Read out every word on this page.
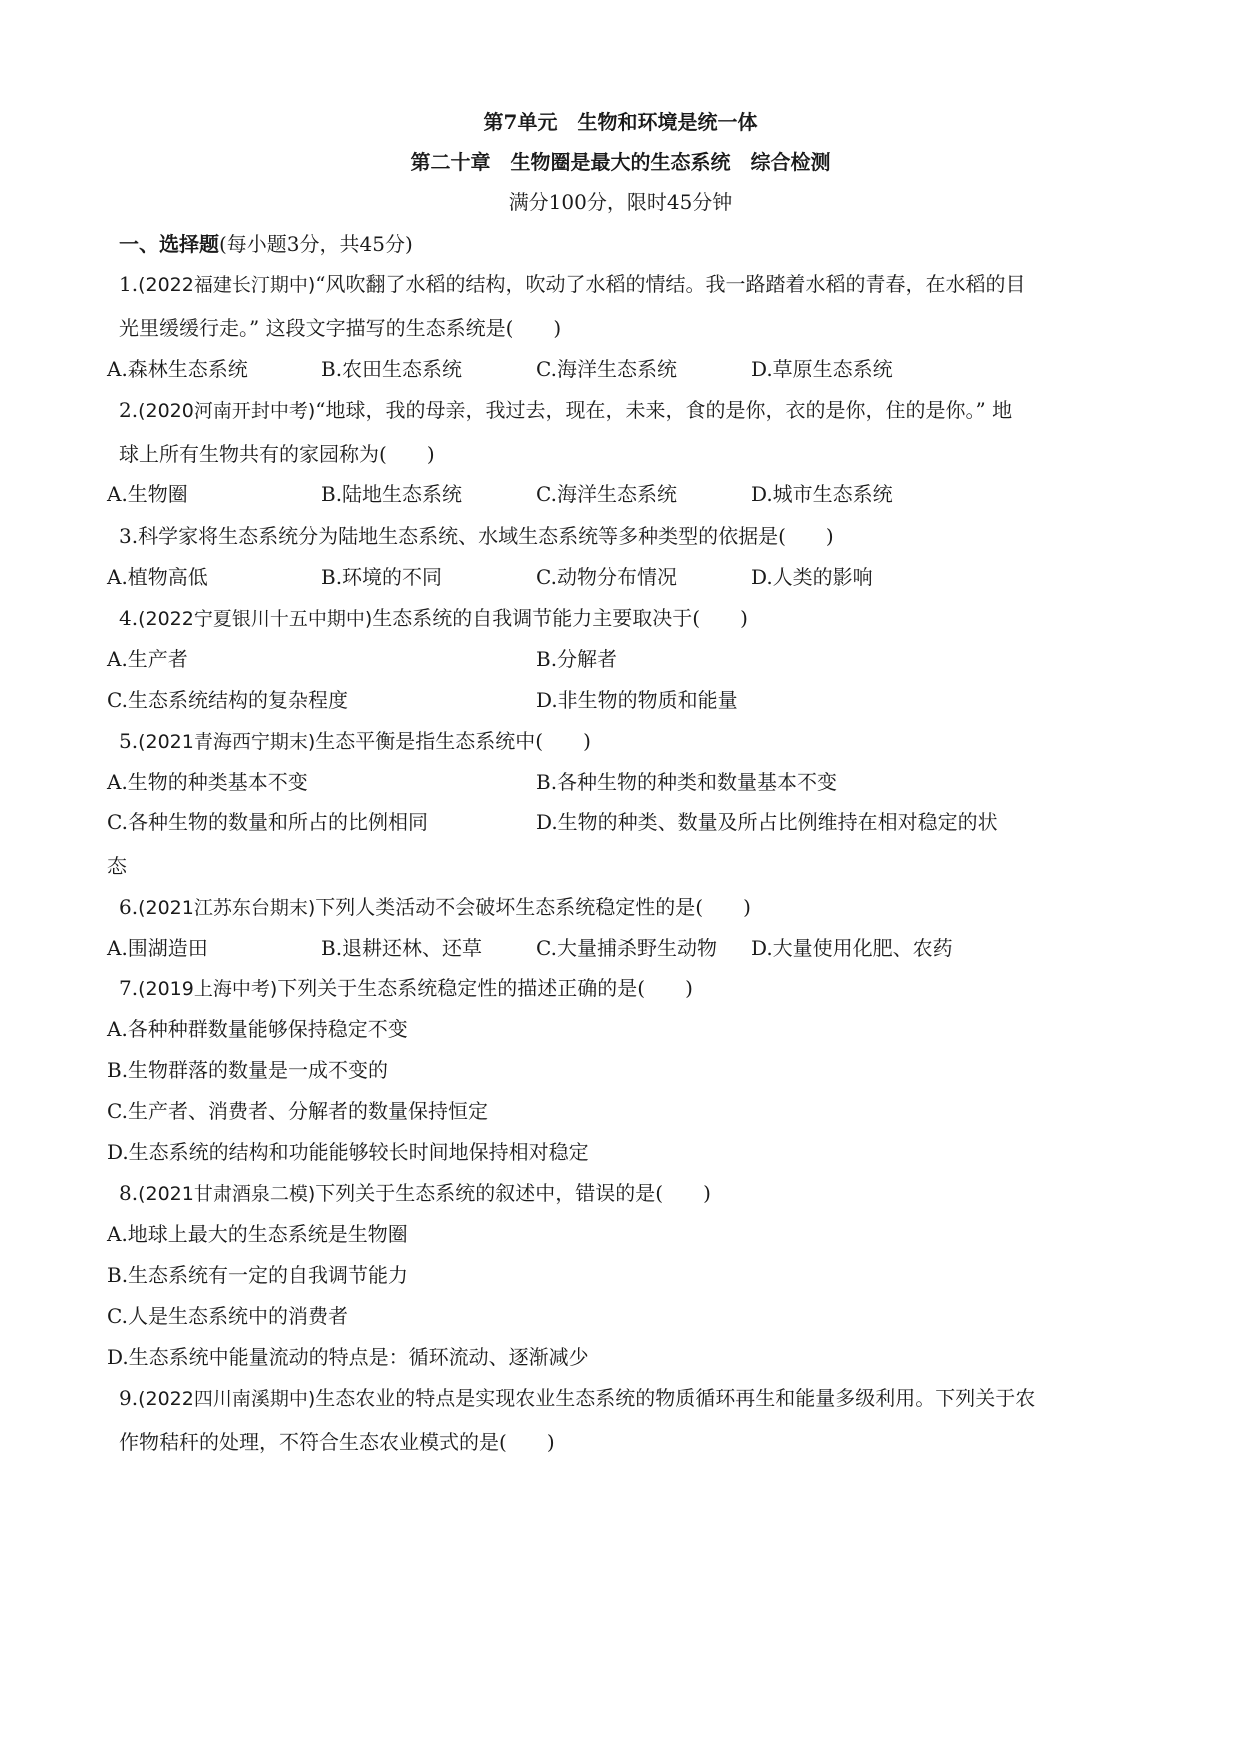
第7单元　生物和环境是统一体
第二十章　生物圈是最大的生态系统　综合检测
满分100分，限时45分钟
一、选择题(每小题3分，共45分)
1.(2022福建长汀期中)“风吹翻了水稻的结构，吹动了水稻的情结。我一路踏着水稻的青春，在水稻的目
光里缓缓行走。” 这段文字描写的生态系统是( )
A.森林生态系统	B.农田生态系统	C.海洋生态系统	D.草原生态系统
2.(2020河南开封中考)“地球，我的母亲，我过去，现在，未来，食的是你，衣的是你，住的是你。” 地
球上所有生物共有的家园称为( )
A.生物圈	B.陆地生态系统	C.海洋生态系统	D.城市生态系统
3.科学家将生态系统分为陆地生态系统、水域生态系统等多种类型的依据是( )
A.植物高低	B.环境的不同	C.动物分布情况	D.人类的影响
4.(2022宁夏银川十五中期中)生态系统的自我调节能力主要取决于( )
A.生产者	B.分解者
C.生态系统结构的复杂程度	D.非生物的物质和能量
5.(2021青海西宁期末)生态平衡是指生态系统中( )
A.生物的种类基本不变	B.各种生物的种类和数量基本不变
C.各种生物的数量和所占的比例相同	D.生物的种类、数量及所占比例维持在相对稳定的状
态
6.(2021江苏东台期末)下列人类活动不会破坏生态系统稳定性的是( )
A.围湖造田	B.退耕还林、还草	C.大量捕杀野生动物 D.大量使用化肥、农药
7.(2019上海中考)下列关于生态系统稳定性的描述正确的是( )
A.各种种群数量能够保持稳定不变
B.生物群落的数量是一成不变的
C.生产者、消费者、分解者的数量保持恒定
D.生态系统的结构和功能能够较长时间地保持相对稳定
8.(2021甘肃酒泉二模)下列关于生态系统的叙述中，错误的是( )
A.地球上最大的生态系统是生物圈
B.生态系统有一定的自我调节能力
C.人是生态系统中的消费者
D.生态系统中能量流动的特点是：循环流动、逐渐减少
9.(2022四川南溪期中)生态农业的特点是实现农业生态系统的物质循环再生和能量多级利用。下列关于农
作物秸秆的处理，不符合生态农业模式的是( )
